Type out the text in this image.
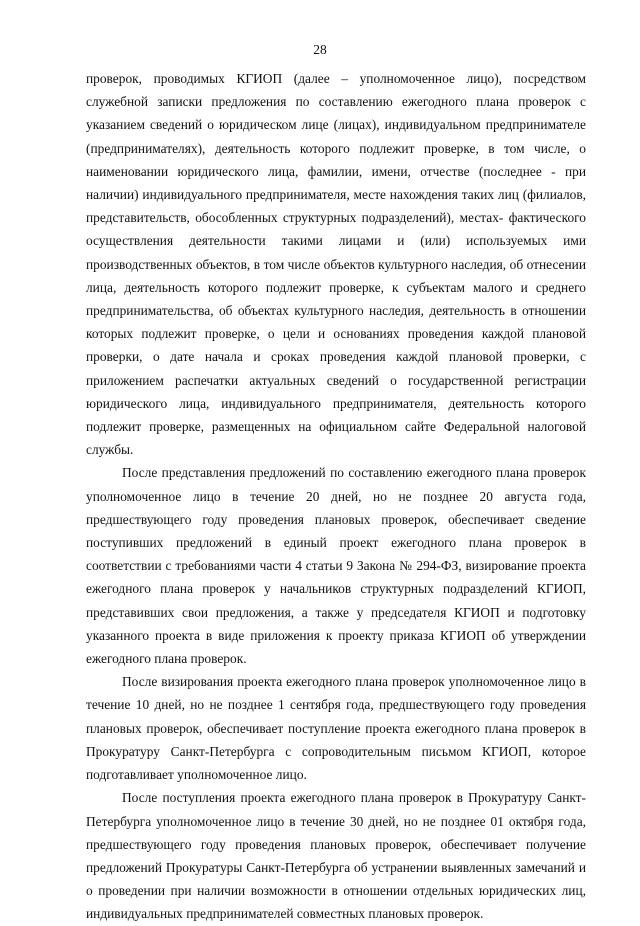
28

проверок, проводимых КГИОП (далее – уполномоченное лицо), посредством служебной записки предложения по составлению ежегодного плана проверок с указанием сведений о юридическом лице (лицах), индивидуальном предпринимателе (предпринимателях), деятельность которого подлежит проверке, в том числе, о наименовании юридического лица, фамилии, имени, отчестве (последнее - при наличии) индивидуального предпринимателя, месте нахождения таких лиц (филиалов, представительств, обособленных структурных подразделений), местах- фактического осуществления деятельности такими лицами и (или) используемых ими производственных объектов, в том числе объектов культурного наследия, об отнесении лица, деятельность которого подлежит проверке, к субъектам малого и среднего предпринимательства, об объектах культурного наследия, деятельность в отношении которых подлежит проверке, о цели и основаниях проведения каждой плановой проверки, о дате начала и сроках проведения каждой плановой проверки, с приложением распечатки актуальных сведений о государственной регистрации юридического лица, индивидуального предпринимателя, деятельность которого подлежит проверке, размещенных на официальном сайте Федеральной налоговой службы.

После представления предложений по составлению ежегодного плана проверок уполномоченное лицо в течение 20 дней, но не позднее 20 августа года, предшествующего году проведения плановых проверок, обеспечивает сведение поступивших предложений в единый проект ежегодного плана проверок в соответствии с требованиями части 4 статьи 9 Закона № 294-ФЗ, визирование проекта ежегодного плана проверок у начальников структурных подразделений КГИОП, представивших свои предложения, а также у председателя КГИОП и подготовку указанного проекта в виде приложения к проекту приказа КГИОП об утверждении ежегодного плана проверок.

После визирования проекта ежегодного плана проверок уполномоченное лицо в течение 10 дней, но не позднее 1 сентября года, предшествующего году проведения плановых проверок, обеспечивает поступление проекта ежегодного плана проверок в Прокуратуру Санкт-Петербурга с сопроводительным письмом КГИОП, которое подготавливает уполномоченное лицо.

После поступления проекта ежегодного плана проверок в Прокуратуру Санкт-Петербурга уполномоченное лицо в течение 30 дней, но не позднее 01 октября года, предшествующего году проведения плановых проверок, обеспечивает получение предложений Прокуратуры Санкт-Петербурга об устранении выявленных замечаний и о проведении при наличии возможности в отношении отдельных юридических лиц, индивидуальных предпринимателей совместных плановых проверок.
